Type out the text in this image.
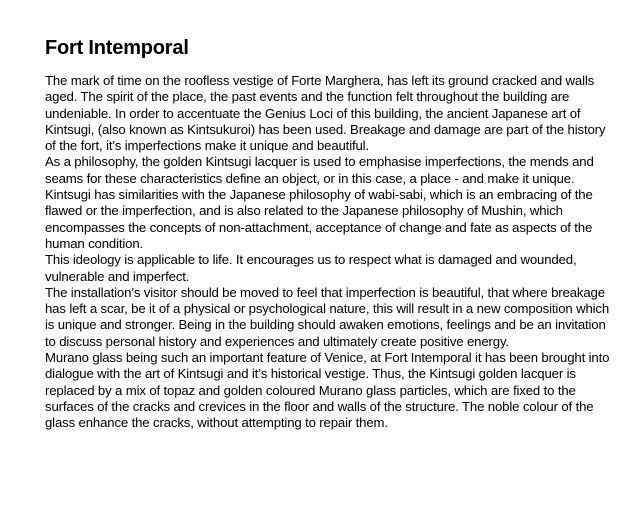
Fort Intemporal

The mark of time on the roofless vestige of Forte Marghera, has left its ground cracked and walls aged. The spirit of the place, the past events and the function felt throughout the building are undeniable. In order to accentuate the Genius Loci of this building, the ancient Japanese art of Kintsugi, (also known as Kintsukuroi) has been used. Breakage and damage are part of the history of the fort, it's imperfections make it unique and beautiful.

As a philosophy, the golden Kintsugi lacquer is used to emphasise imperfections, the mends and seams for these characteristics define an object, or in this case, a place - and make it unique. Kintsugi has similarities with the Japanese philosophy of wabi-sabi, which is an embracing of the flawed or the imperfection, and is also related to the Japanese philosophy of Mushin, which encompasses the concepts of non-attachment, acceptance of change and fate as aspects of the human condition.

This ideology is applicable to life. It encourages us to respect what is damaged and wounded, vulnerable and imperfect.

The installation’s visitor should be moved to feel that imperfection is beautiful, that where breakage has left a scar, be it of a physical or psychological nature, this will result in a new composition which is unique and stronger. Being in the building should awaken emotions, feelings and be an invitation to discuss personal history and experiences and ultimately create positive energy.

Murano glass being such an important feature of Venice, at Fort Intemporal it has been brought into dialogue with the art of Kintsugi and it’s historical vestige. Thus, the Kintsugi golden lacquer is replaced by a mix of topaz and golden coloured Murano glass particles, which are fixed to the surfaces of the cracks and crevices in the floor and walls of the structure. The noble colour of the glass enhance the cracks, without attempting to repair them.
